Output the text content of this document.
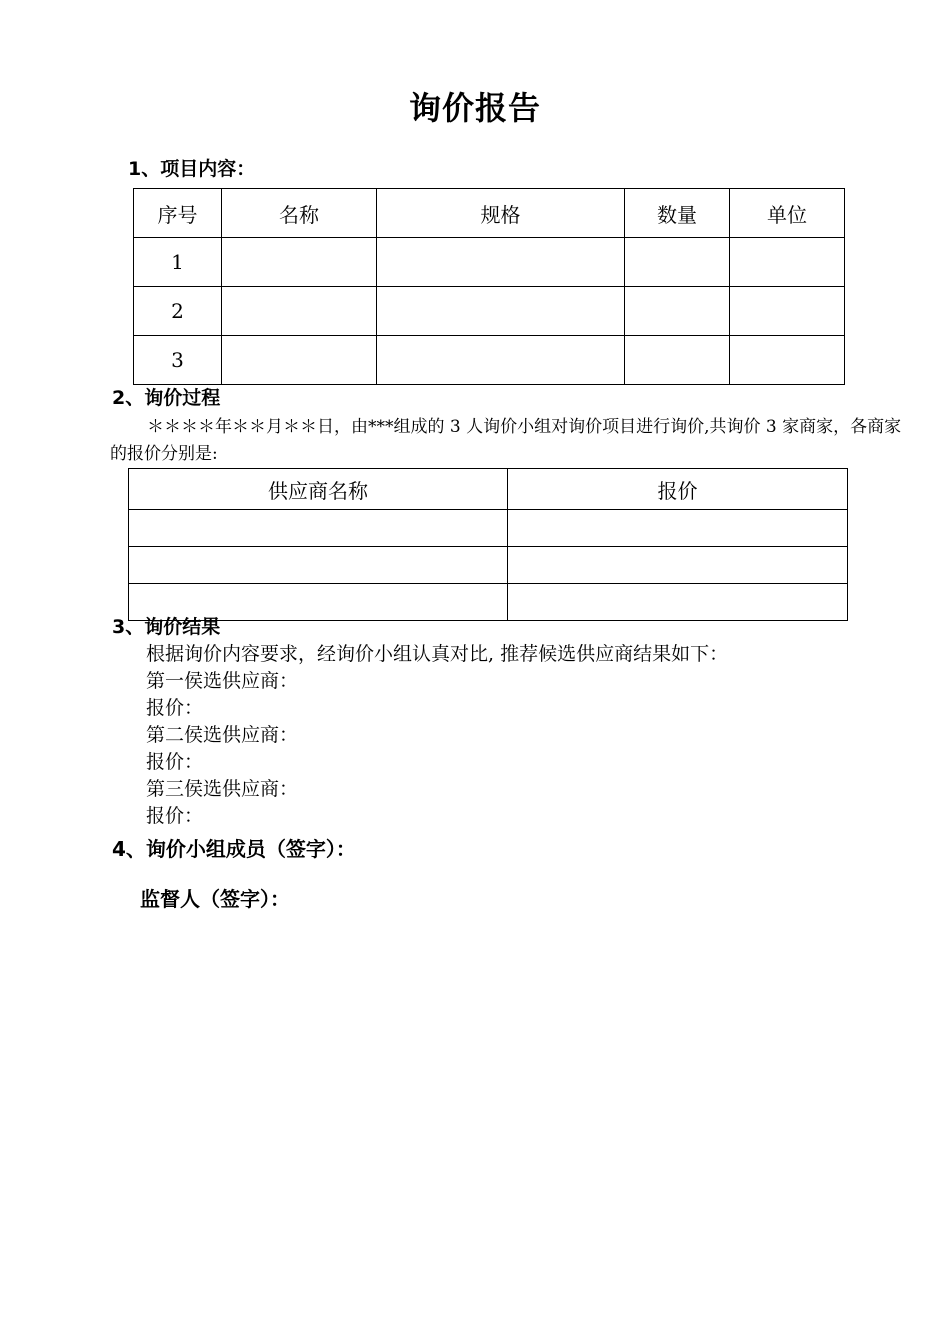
询价报告
1、项目内容：
序号	名称	规格	数量	单位
1				
2				
3				
2、询价过程
＊＊＊＊年＊＊月＊＊日，由***组成的 3 人询价小组对询价项目进行询价,共询价 3 家商家，各商家
的报价分别是:
供应商名称	报价

3、询价结果
根据询价内容要求，经询价小组认真对比, 推荐候选供应商结果如下：
第一侯选供应商：
报价：
第二侯选供应商：
报价：
第三侯选供应商：
报价：
4、询价小组成员（签字）：
监督人（签字）：
